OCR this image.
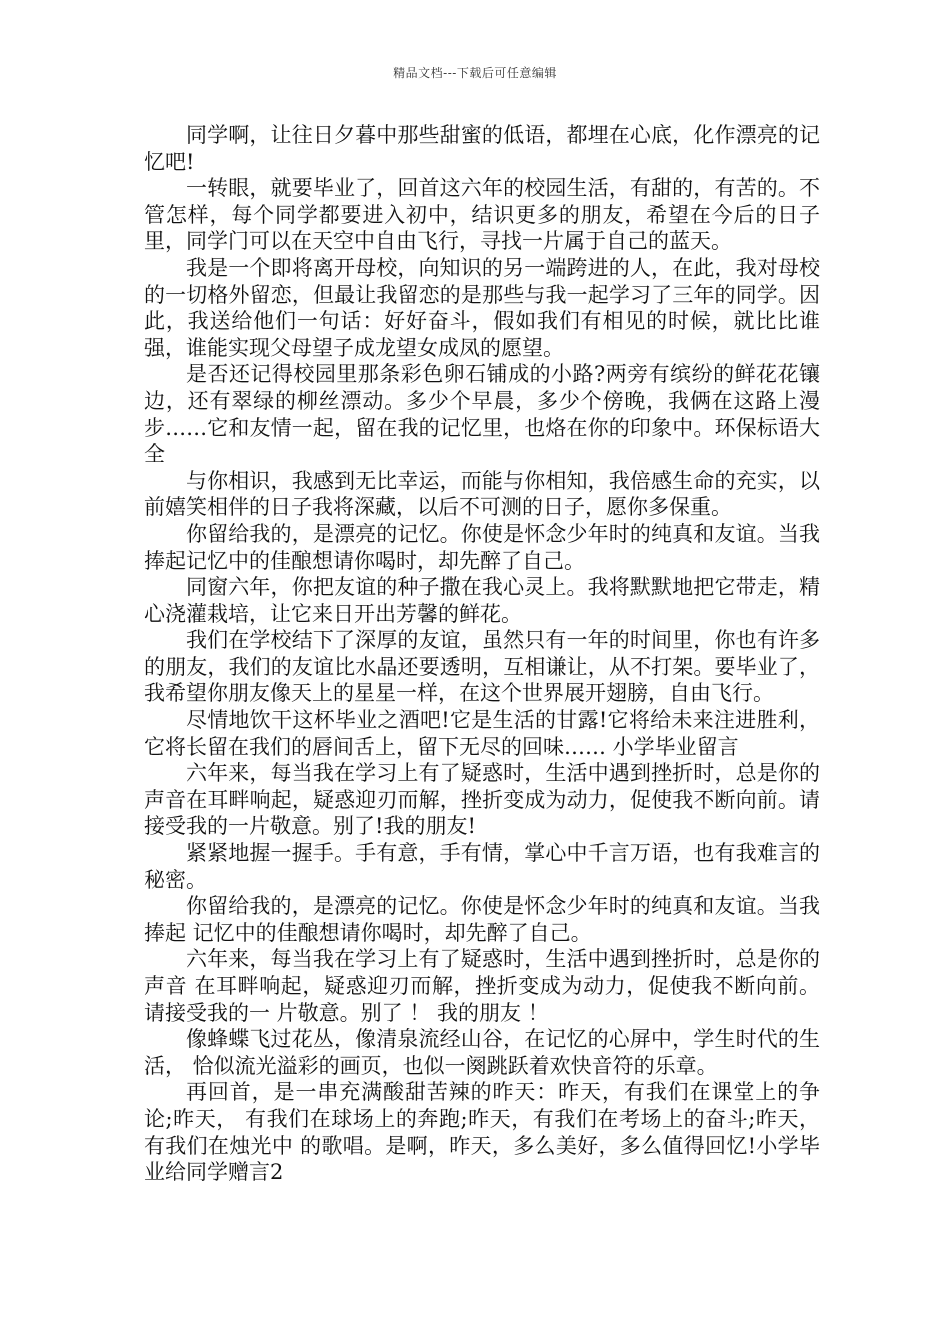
精品文档---下载后可任意编辑

同学啊，让往日夕暮中那些甜蜜的低语，都埋在心底，化作漂亮的记忆吧!

一转眼，就要毕业了，回首这六年的校园生活，有甜的，有苦的。不管怎样，每个同学都要进入初中，结识更多的朋友，希望在今后的日子里，同学门可以在天空中自由飞行，寻找一片属于自己的蓝天。

我是一个即将离开母校，向知识的另一端跨进的人，在此，我对母校的一切格外留恋，但最让我留恋的是那些与我一起学习了三年的同学。因此，我送给他们一句话：好好奋斗，假如我们有相见的时候，就比比谁强，谁能实现父母望子成龙望女成凤的愿望。

是否还记得校园里那条彩色卵石铺成的小路?两旁有缤纷的鲜花花镶边，还有翠绿的柳丝漂动。多少个早晨，多少个傍晚，我俩在这路上漫步……它和友情一起，留在我的记忆里，也烙在你的印象中。环保标语大全

与你相识，我感到无比幸运，而能与你相知，我倍感生命的充实，以前嬉笑相伴的日子我将深藏，以后不可测的日子，愿你多保重。

你留给我的，是漂亮的记忆。你使是怀念少年时的纯真和友谊。当我捧起记忆中的佳酿想请你喝时，却先醉了自己。

同窗六年，你把友谊的种子撒在我心灵上。我将默默地把它带走，精心浇灌栽培，让它来日开出芳馨的鲜花。

我们在学校结下了深厚的友谊，虽然只有一年的时间里，你也有许多的朋友，我们的友谊比水晶还要透明，互相谦让，从不打架。要毕业了，我希望你朋友像天上的星星一样，在这个世界展开翅膀，自由飞行。

尽情地饮干这杯毕业之酒吧!它是生活的甘露!它将给未来注进胜利，它将长留在我们的唇间舌上，留下无尽的回味…… 小学毕业留言

六年来，每当我在学习上有了疑惑时，生活中遇到挫折时，总是你的声音在耳畔响起，疑惑迎刃而解，挫折变成为动力，促使我不断向前。请接受我的一片敬意。别了!我的朋友!

紧紧地握一握手。手有意，手有情，掌心中千言万语，也有我难言的秘密。

你留给我的，是漂亮的记忆。你使是怀念少年时的纯真和友谊。当我捧起 记忆中的佳酿想请你喝时，却先醉了自己。

六年来，每当我在学习上有了疑惑时，生活中遇到挫折时，总是你的声音 在耳畔响起，疑惑迎刃而解，挫折变成为动力，促使我不断向前。请接受我的一 片敬意。别了 ！ 我的朋友 ！

像蜂蝶飞过花丛，像清泉流经山谷，在记忆的心屏中，学生时代的生活， 恰似流光溢彩的画页，也似一阕跳跃着欢快音符的乐章。

再回首，是一串充满酸甜苦辣的昨天：昨天，有我们在课堂上的争论;昨天， 有我们在球场上的奔跑;昨天，有我们在考场上的奋斗;昨天，有我们在烛光中 的歌唱。是啊，昨天，多么美好，多么值得回忆!小学毕业给同学赠言2
